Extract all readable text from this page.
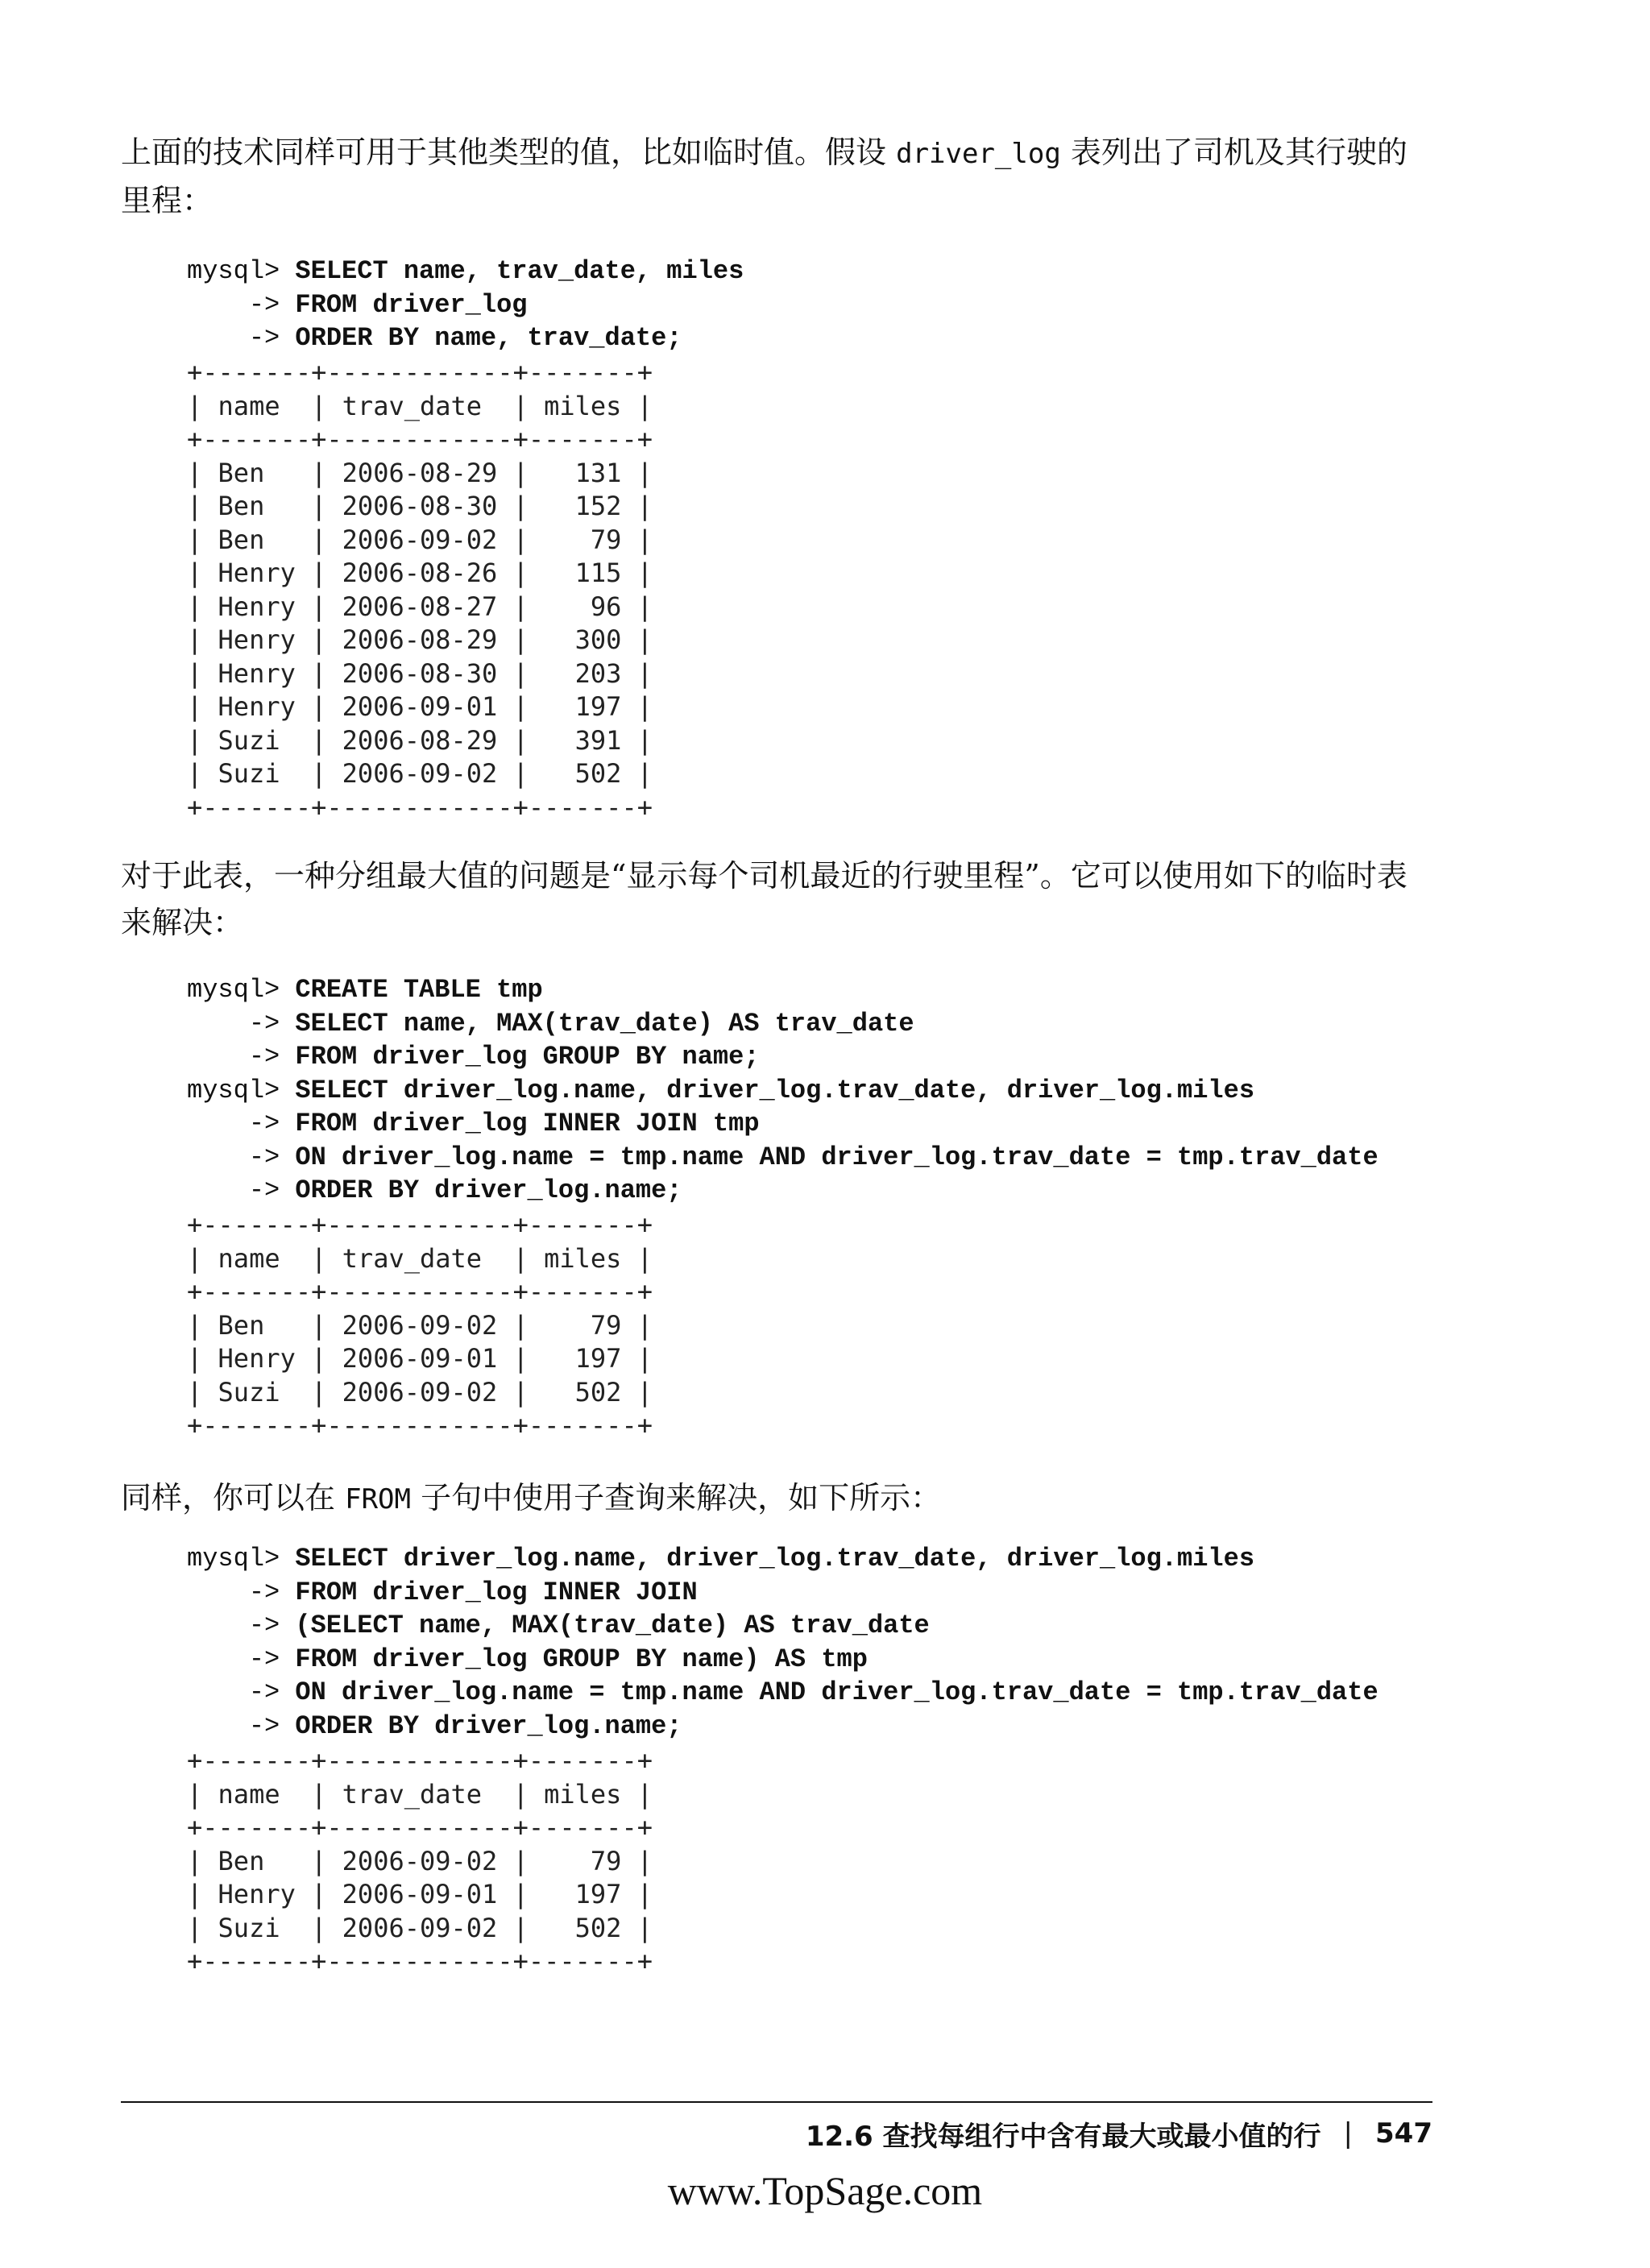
上面的技术同样可用于其他类型的值，比如临时值。假设 driver_log 表列出了司机及其行驶的里程：

mysql> SELECT name, trav_date, miles
-> FROM driver_log
-> ORDER BY name, trav_date;
+-------+------------+-------+
| name  | trav_date  | miles |
+-------+------------+-------+
| Ben   | 2006-08-29 |   131 |
| Ben   | 2006-08-30 |   152 |
| Ben   | 2006-09-02 |    79 |
| Henry | 2006-08-26 |   115 |
| Henry | 2006-08-27 |    96 |
| Henry | 2006-08-29 |   300 |
| Henry | 2006-08-30 |   203 |
| Henry | 2006-09-01 |   197 |
| Suzi  | 2006-08-29 |   391 |
| Suzi  | 2006-09-02 |   502 |
+-------+------------+-------+

对于此表，一种分组最大值的问题是“显示每个司机最近的行驶里程”。它可以使用如下的临时表来解决：

mysql> CREATE TABLE tmp
-> SELECT name, MAX(trav_date) AS trav_date
-> FROM driver_log GROUP BY name;
mysql> SELECT driver_log.name, driver_log.trav_date, driver_log.miles
-> FROM driver_log INNER JOIN tmp
-> ON driver_log.name = tmp.name AND driver_log.trav_date = tmp.trav_date
-> ORDER BY driver_log.name;
+-------+------------+-------+
| name  | trav_date  | miles |
+-------+------------+-------+
| Ben   | 2006-09-02 |    79 |
| Henry | 2006-09-01 |   197 |
| Suzi  | 2006-09-02 |   502 |
+-------+------------+-------+

同样，你可以在 FROM 子句中使用子查询来解决，如下所示：

mysql> SELECT driver_log.name, driver_log.trav_date, driver_log.miles
-> FROM driver_log INNER JOIN
-> (SELECT name, MAX(trav_date) AS trav_date
-> FROM driver_log GROUP BY name) AS tmp
-> ON driver_log.name = tmp.name AND driver_log.trav_date = tmp.trav_date
-> ORDER BY driver_log.name;
+-------+------------+-------+
| name  | trav_date  | miles |
+-------+------------+-------+
| Ben   | 2006-09-02 |    79 |
| Henry | 2006-09-01 |   197 |
| Suzi  | 2006-09-02 |   502 |
+-------+------------+-------+
12.6 查找每组行中含有最大或最小值的行 | 547
www.TopSage.com
